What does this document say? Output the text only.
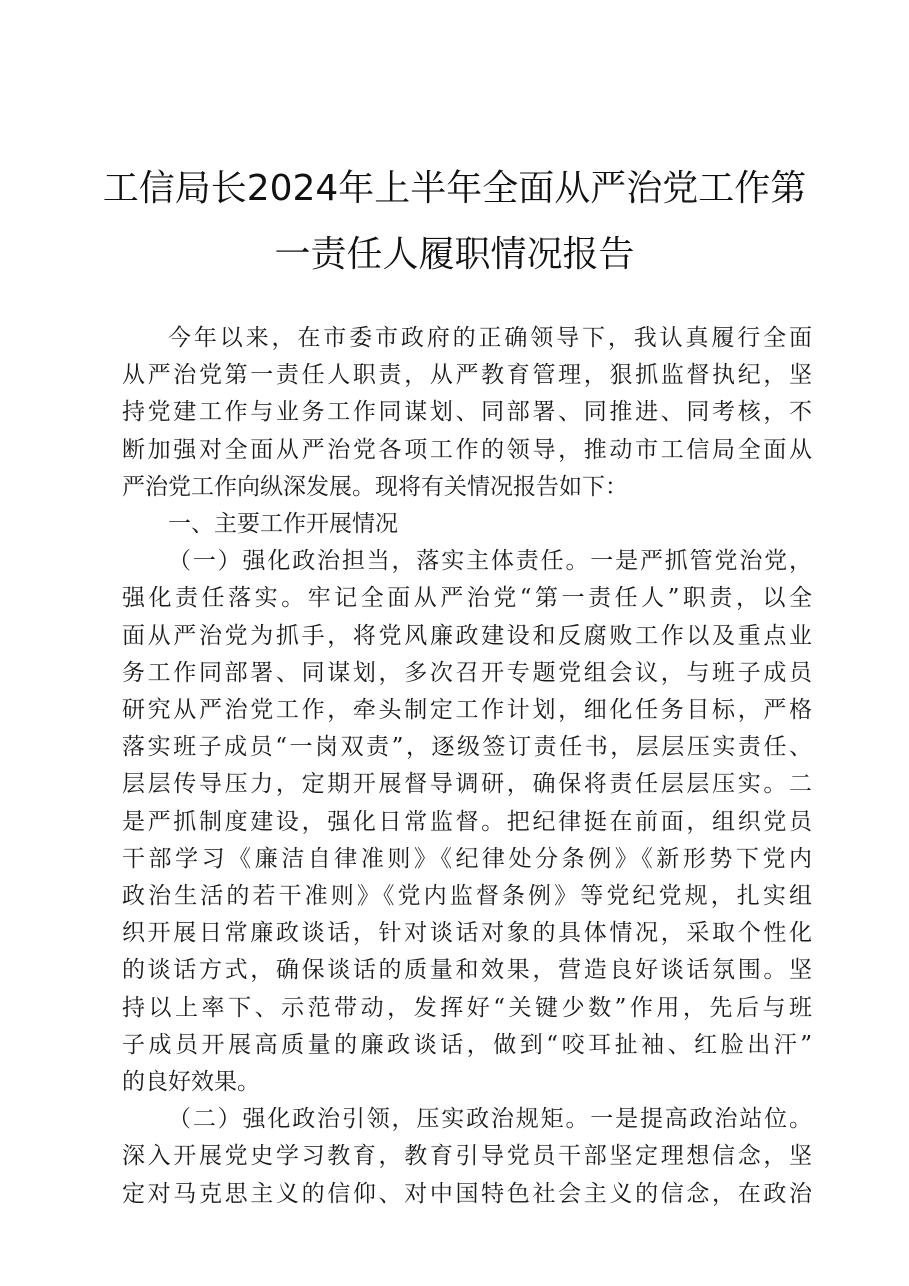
工信局长2024年上半年全面从严治党工作第
一责任人履职情况报告

今年以来，在市委市政府的正确领导下，我认真履行全面

从严治党第一责任人职责，从严教育管理，狠抓监督执纪，坚

持党建工作与业务工作同谋划、同部署、同推进、同考核，不

断加强对全面从严治党各项工作的领导，推动市工信局全面从

严治党工作向纵深发展。现将有关情况报告如下：

一、主要工作开展情况

（一）强化政治担当，落实主体责任。一是严抓管党治党，

强化责任落实。牢记全面从严治党“第一责任人”职责，以全

面从严治党为抓手，将党风廉政建设和反腐败工作以及重点业

务工作同部署、同谋划，多次召开专题党组会议，与班子成员

研究从严治党工作，牵头制定工作计划，细化任务目标，严格

落实班子成员“一岗双责”，逐级签订责任书，层层压实责任、

层层传导压力，定期开展督导调研，确保将责任层层压实。二

是严抓制度建设，强化日常监督。把纪律挺在前面，组织党员

干部学习《廉洁自律准则》《纪律处分条例》《新形势下党内

政治生活的若干准则》《党内监督条例》等党纪党规，扎实组

织开展日常廉政谈话，针对谈话对象的具体情况，采取个性化

的谈话方式，确保谈话的质量和效果，营造良好谈话氛围。坚

持以上率下、示范带动，发挥好“关键少数”作用，先后与班

子成员开展高质量的廉政谈话，做到“咬耳扯袖、红脸出汗”

的良好效果。

（二）强化政治引领，压实政治规矩。一是提高政治站位。

深入开展党史学习教育，教育引导党员干部坚定理想信念，坚

定对马克思主义的信仰、对中国特色社会主义的信念，在政治
